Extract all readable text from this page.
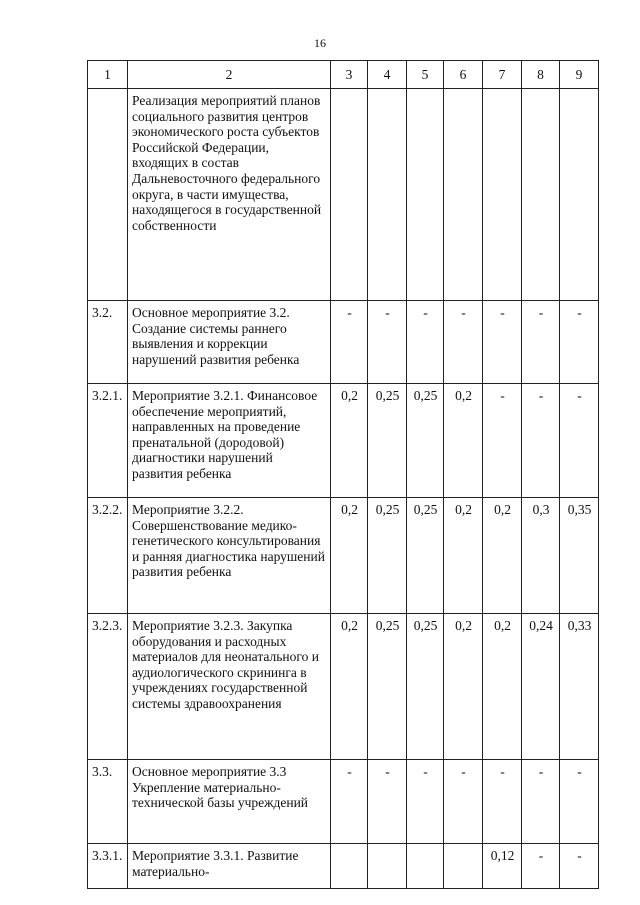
16
1	2	3	4	5	6	7	8	9
	Реализация мероприятий планов социального развития центров экономического роста субъектов Российской Федерации, входящих в состав Дальневосточного федерального округа, в части имущества, находящегося в государственной собственности							
3.2.	Основное мероприятие 3.2. Создание системы раннего выявления и коррекции нарушений развития ребенка	-	-	-	-	-	-	-
3.2.1.	Мероприятие 3.2.1. Финансовое обеспечение мероприятий, направленных на проведение пренатальной (дородовой) диагностики нарушений развития ребенка	0,2	0,25	0,25	0,2	-	-	-
3.2.2.	Мероприятие 3.2.2. Совершенствование медико-генетического консультирования и ранняя диагностика нарушений развития ребенка	0,2	0,25	0,25	0,2	0,2	0,3	0,35
3.2.3.	Мероприятие 3.2.3. Закупка оборудования и расходных материалов для неонатального и аудиологического скрининга в учреждениях государственной системы здравоохранения	0,2	0,25	0,25	0,2	0,2	0,24	0,33
3.3.	Основное мероприятие 3.3 Укрепление материально-технической базы учреждений	-	-	-	-	-	-	-
3.3.1.	Мероприятие 3.3.1. Развитие материально-					0,12	-	-
